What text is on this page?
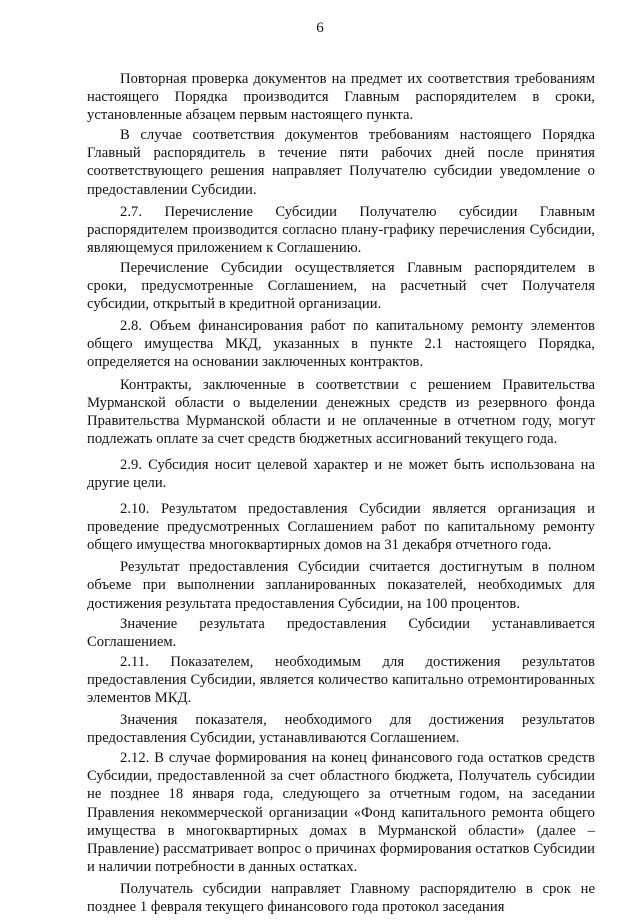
6

Повторная проверка документов на предмет их соответствия требованиям настоящего Порядка производится Главным распорядителем в сроки, установленные абзацем первым настоящего пункта.

В случае соответствия документов требованиям настоящего Порядка Главный распорядитель в течение пяти рабочих дней после принятия соответствующего решения направляет Получателю субсидии уведомление о предоставлении Субсидии.

2.7. Перечисление Субсидии Получателю субсидии Главным распорядителем производится согласно плану-графику перечисления Субсидии, являющемуся приложением к Соглашению.

Перечисление Субсидии осуществляется Главным распорядителем в сроки, предусмотренные Соглашением, на расчетный счет Получателя субсидии, открытый в кредитной организации.

2.8. Объем финансирования работ по капитальному ремонту элементов общего имущества МКД, указанных в пункте 2.1 настоящего Порядка, определяется на основании заключенных контрактов.

Контракты, заключенные в соответствии с решением Правительства Мурманской области о выделении денежных средств из резервного фонда Правительства Мурманской области и не оплаченные в отчетном году, могут подлежать оплате за счет средств бюджетных ассигнований текущего года.

2.9. Субсидия носит целевой характер и не может быть использована на другие цели.

2.10. Результатом предоставления Субсидии является организация и проведение предусмотренных Соглашением работ по капитальному ремонту общего имущества многоквартирных домов на 31 декабря отчетного года.

Результат предоставления Субсидии считается достигнутым в полном объеме при выполнении запланированных показателей, необходимых для достижения результата предоставления Субсидии, на 100 процентов.

Значение результата предоставления Субсидии устанавливается Соглашением.

2.11. Показателем, необходимым для достижения результатов предоставления Субсидии, является количество капитально отремонтированных элементов МКД.

Значения показателя, необходимого для достижения результатов предоставления Субсидии, устанавливаются Соглашением.

2.12. В случае формирования на конец финансового года остатков средств Субсидии, предоставленной за счет областного бюджета, Получатель субсидии не позднее 18 января года, следующего за отчетным годом, на заседании Правления некоммерческой организации «Фонд капитального ремонта общего имущества в многоквартирных домах в Мурманской области» (далее – Правление) рассматривает вопрос о причинах формирования остатков Субсидии и наличии потребности в данных остатках.

Получатель субсидии направляет Главному распорядителю в срок не позднее 1 февраля текущего финансового года протокол заседания
